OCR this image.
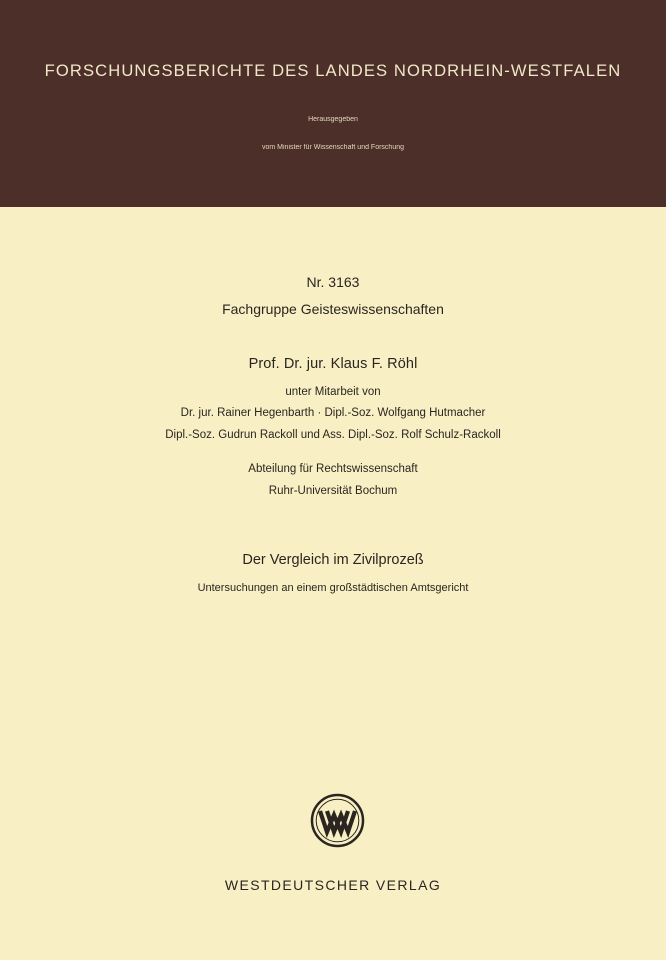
FORSCHUNGSBERICHTE DES LANDES NORDRHEIN-WESTFALEN
Herausgegeben
vom Minister für Wissenschaft und Forschung
Nr. 3163
Fachgruppe Geisteswissenschaften
Prof. Dr. jur. Klaus F. Röhl
unter Mitarbeit von
Dr. jur. Rainer Hegenbarth · Dipl.-Soz. Wolfgang Hutmacher
Dipl.-Soz. Gudrun Rackoll und Ass. Dipl.-Soz. Rolf Schulz-Rackoll
Abteilung für Rechtswissenschaft
Ruhr-Universität Bochum
Der Vergleich im Zivilprozeß
Untersuchungen an einem großstädtischen Amtsgericht
WESTDEUTSCHER VERLAG
